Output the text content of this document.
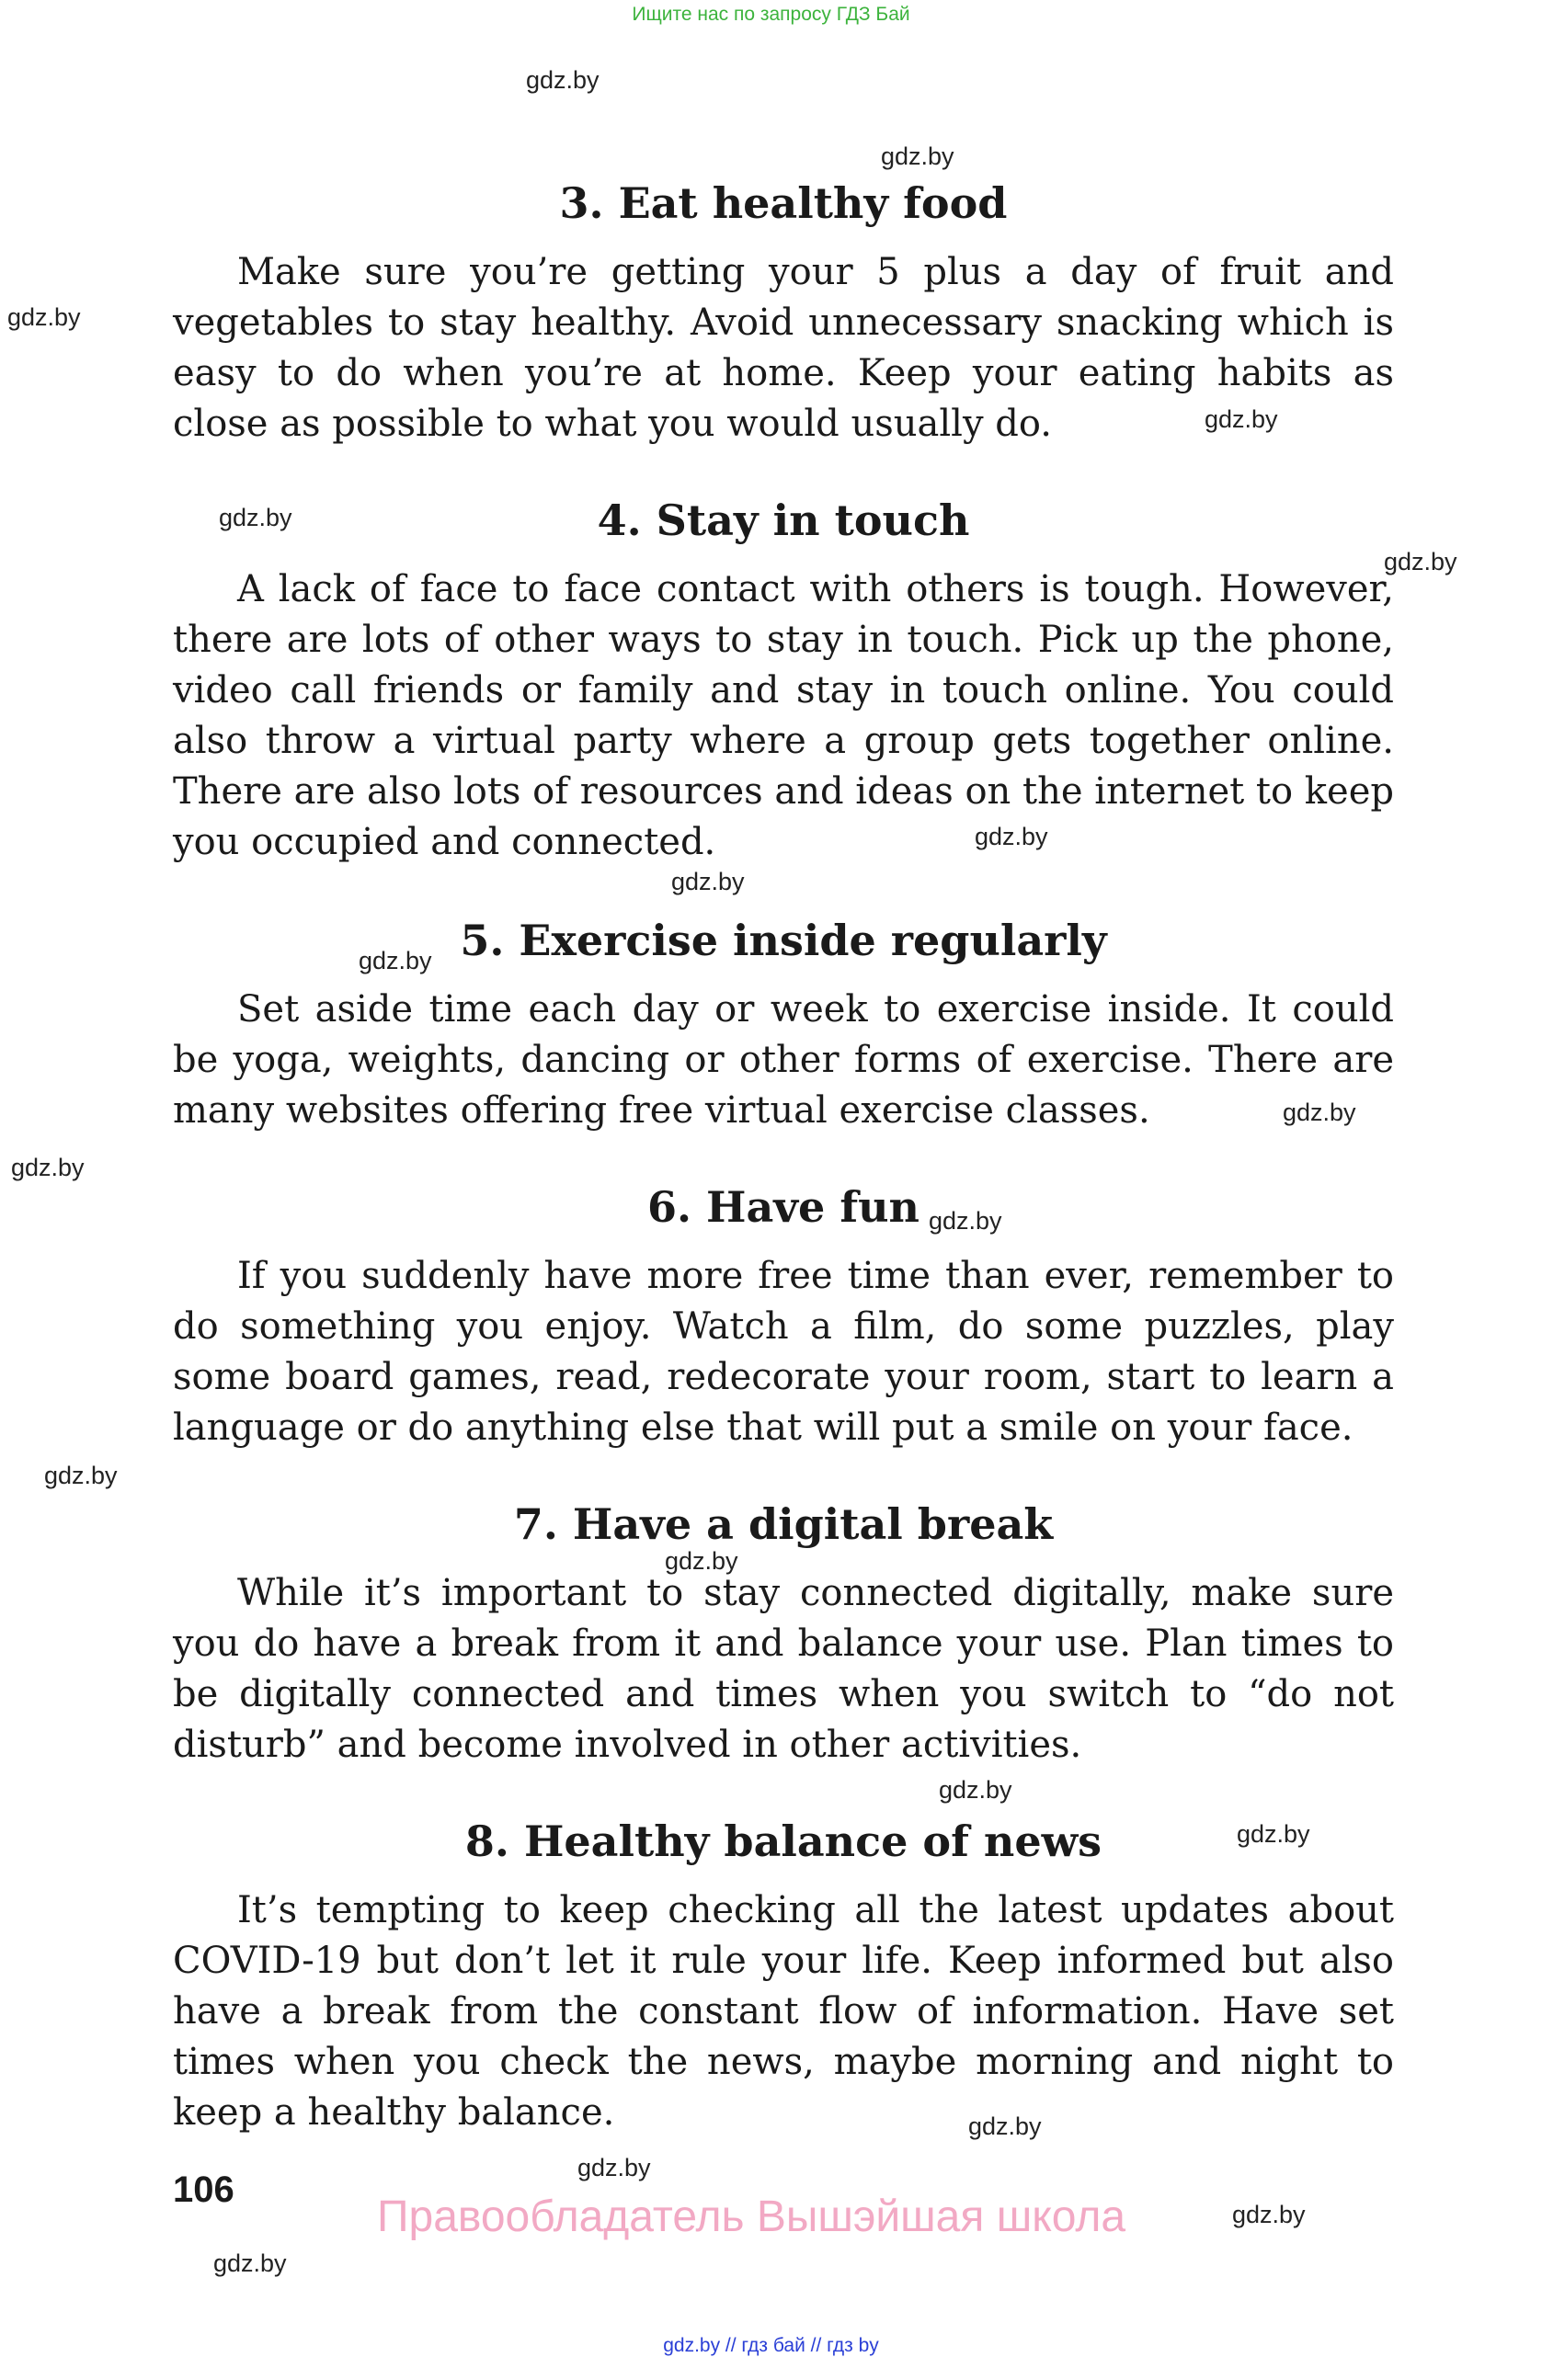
Ищите нас по запросу ГДЗ Бай
3. Eat healthy food

Make sure you’re getting your 5 plus a day of fruit and vegetables to stay healthy. Avoid unnecessary snacking which is easy to do when you’re at home. Keep your eating habits as close as possible to what you would usually do.

4. Stay in touch

A lack of face to face contact with others is tough. However, there are lots of other ways to stay in touch. Pick up the phone, video call friends or family and stay in touch online. You could also throw a virtual party where a group gets together online. There are also lots of resources and ideas on the internet to keep you occupied and connected.

5. Exercise inside regularly

Set aside time each day or week to exercise inside. It could be yoga, weights, dancing or other forms of exercise. There are many websites offering free virtual exercise classes.

6. Have fun

If you suddenly have more free time than ever, remember to do something you enjoy. Watch a film, do some puzzles, play some board games, read, redecorate your room, start to learn a language or do anything else that will put a smile on your face.

7. Have a digital break

While it’s important to stay connected digitally, make sure you do have a break from it and balance your use. Plan times to be digitally connected and times when you switch to “do not disturb” and become involved in other activities.

8. Healthy balance of news

It’s tempting to keep checking all the latest updates about COVID-19 but don’t let it rule your life. Keep informed but also have a break from the constant flow of information. Have set times when you check the news, maybe morning and night to keep a healthy balance.

106
Правообладатель Вышэйшая школа
gdz.by // гдз бай // гдз by
gdz.by
gdz.by
gdz.by
gdz.by
gdz.by
gdz.by
gdz.by
gdz.by
gdz.by
gdz.by
gdz.by
gdz.by
gdz.by
gdz.by
gdz.by
gdz.by
gdz.by
gdz.by
gdz.by
gdz.by
